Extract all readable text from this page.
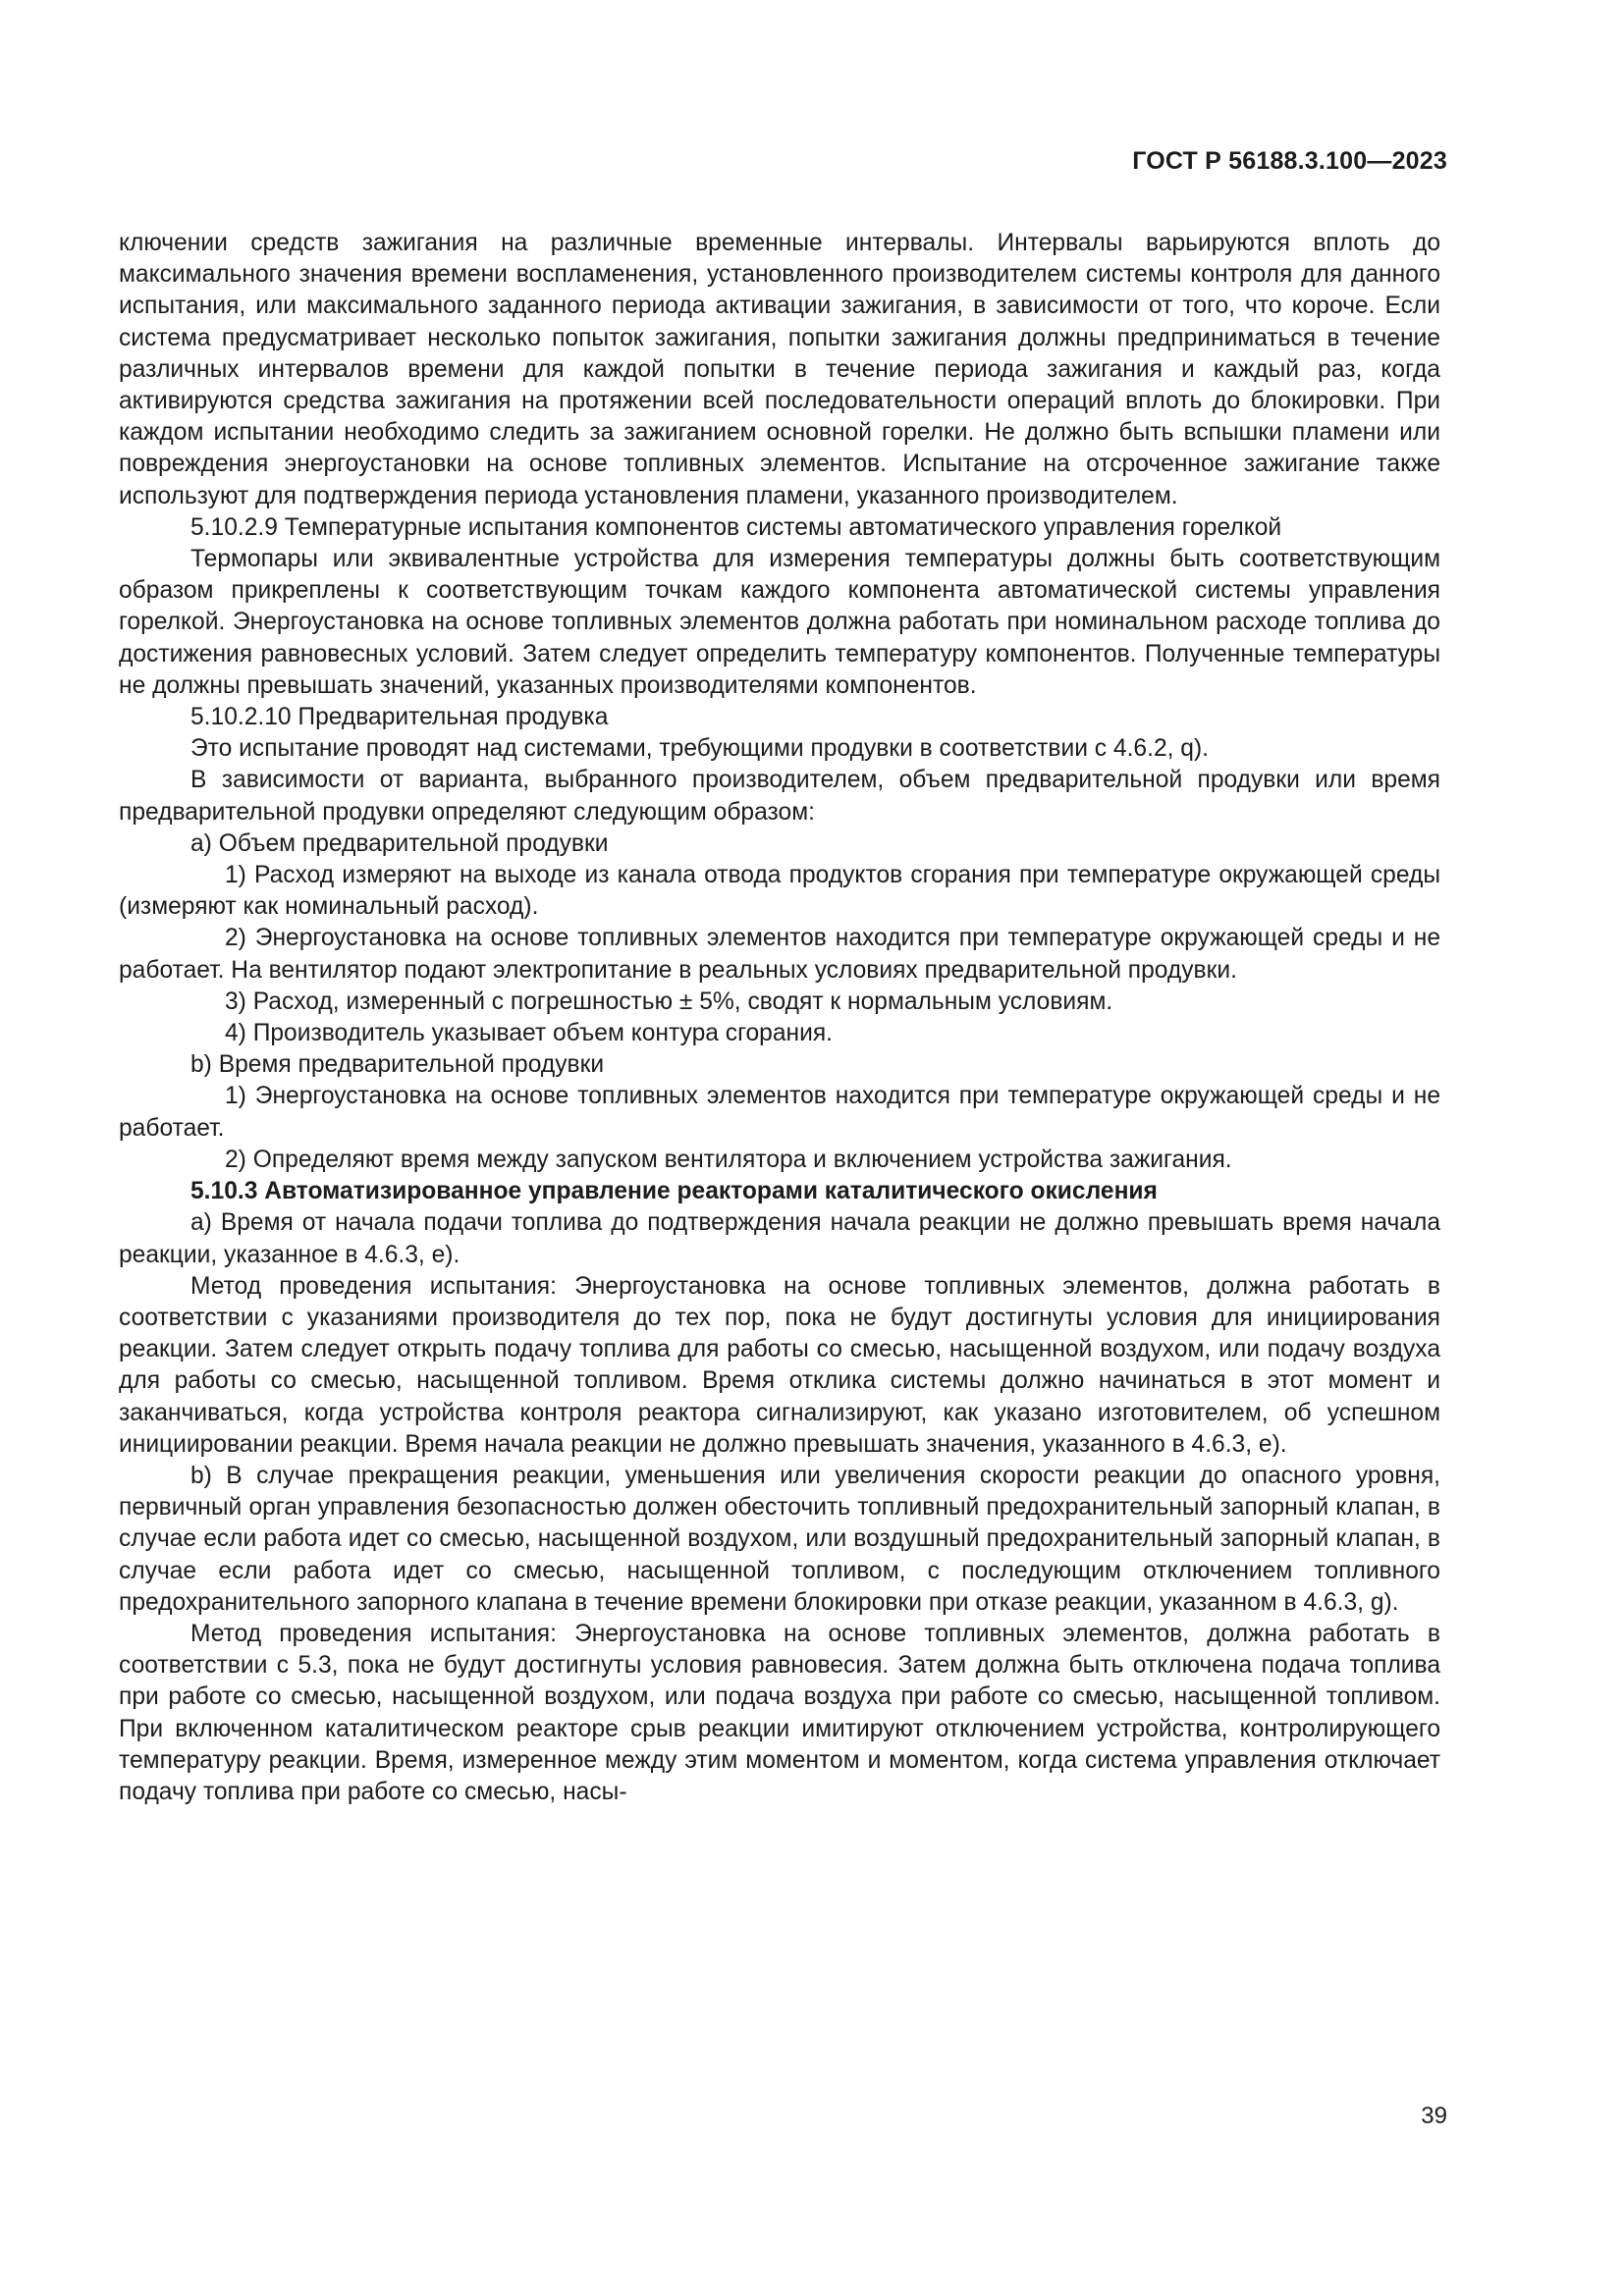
ГОСТ Р 56188.3.100—2023

ключении средств зажигания на различные временные интервалы. Интервалы варьируются вплоть до максимального значения времени воспламенения, установленного производителем системы контроля для данного испытания, или максимального заданного периода активации зажигания, в зависимости от того, что короче. Если система предусматривает несколько попыток зажигания, попытки зажигания должны предприниматься в течение различных интервалов времени для каждой попытки в течение периода зажигания и каждый раз, когда активируются средства зажигания на протяжении всей последовательности операций вплоть до блокировки. При каждом испытании необходимо следить за зажиганием основной горелки. Не должно быть вспышки пламени или повреждения энергоустановки на основе топливных элементов. Испытание на отсроченное зажигание также используют для подтверждения периода установления пламени, указанного производителем.

5.10.2.9 Температурные испытания компонентов системы автоматического управления горелкой

Термопары или эквивалентные устройства для измерения температуры должны быть соответствующим образом прикреплены к соответствующим точкам каждого компонента автоматической системы управления горелкой. Энергоустановка на основе топливных элементов должна работать при номинальном расходе топлива до достижения равновесных условий. Затем следует определить температуру компонентов. Полученные температуры не должны превышать значений, указанных производителями компонентов.

5.10.2.10 Предварительная продувка

Это испытание проводят над системами, требующими продувки в соответствии с 4.6.2, q).

В зависимости от варианта, выбранного производителем, объем предварительной продувки или время предварительной продувки определяют следующим образом:

а) Объем предварительной продувки

1) Расход измеряют на выходе из канала отвода продуктов сгорания при температуре окружающей среды (измеряют как номинальный расход).

2) Энергоустановка на основе топливных элементов находится при температуре окружающей среды и не работает. На вентилятор подают электропитание в реальных условиях предварительной продувки.

3) Расход, измеренный с погрешностью ± 5%, сводят к нормальным условиям.

4) Производитель указывает объем контура сгорания.

b) Время предварительной продувки

1) Энергоустановка на основе топливных элементов находится при температуре окружающей среды и не работает.

2) Определяют время между запуском вентилятора и включением устройства зажигания.

5.10.3 Автоматизированное управление реакторами каталитического окисления

а) Время от начала подачи топлива до подтверждения начала реакции не должно превышать время начала реакции, указанное в 4.6.3, е).

Метод проведения испытания: Энергоустановка на основе топливных элементов, должна работать в соответствии с указаниями производителя до тех пор, пока не будут достигнуты условия для инициирования реакции. Затем следует открыть подачу топлива для работы со смесью, насыщенной воздухом, или подачу воздуха для работы со смесью, насыщенной топливом. Время отклика системы должно начинаться в этот момент и заканчиваться, когда устройства контроля реактора сигнализируют, как указано изготовителем, об успешном инициировании реакции. Время начала реакции не должно превышать значения, указанного в 4.6.3, е).

b) В случае прекращения реакции, уменьшения или увеличения скорости реакции до опасного уровня, первичный орган управления безопасностью должен обесточить топливный предохранительный запорный клапан, в случае если работа идет со смесью, насыщенной воздухом, или воздушный предохранительный запорный клапан, в случае если работа идет со смесью, насыщенной топливом, с последующим отключением топливного предохранительного запорного клапана в течение времени блокировки при отказе реакции, указанном в 4.6.3, g).

Метод проведения испытания: Энергоустановка на основе топливных элементов, должна работать в соответствии с 5.3, пока не будут достигнуты условия равновесия. Затем должна быть отключена подача топлива при работе со смесью, насыщенной воздухом, или подача воздуха при работе со смесью, насыщенной топливом. При включенном каталитическом реакторе срыв реакции имитируют отключением устройства, контролирующего температуру реакции. Время, измеренное между этим моментом и моментом, когда система управления отключает подачу топлива при работе со смесью, насы-

39
